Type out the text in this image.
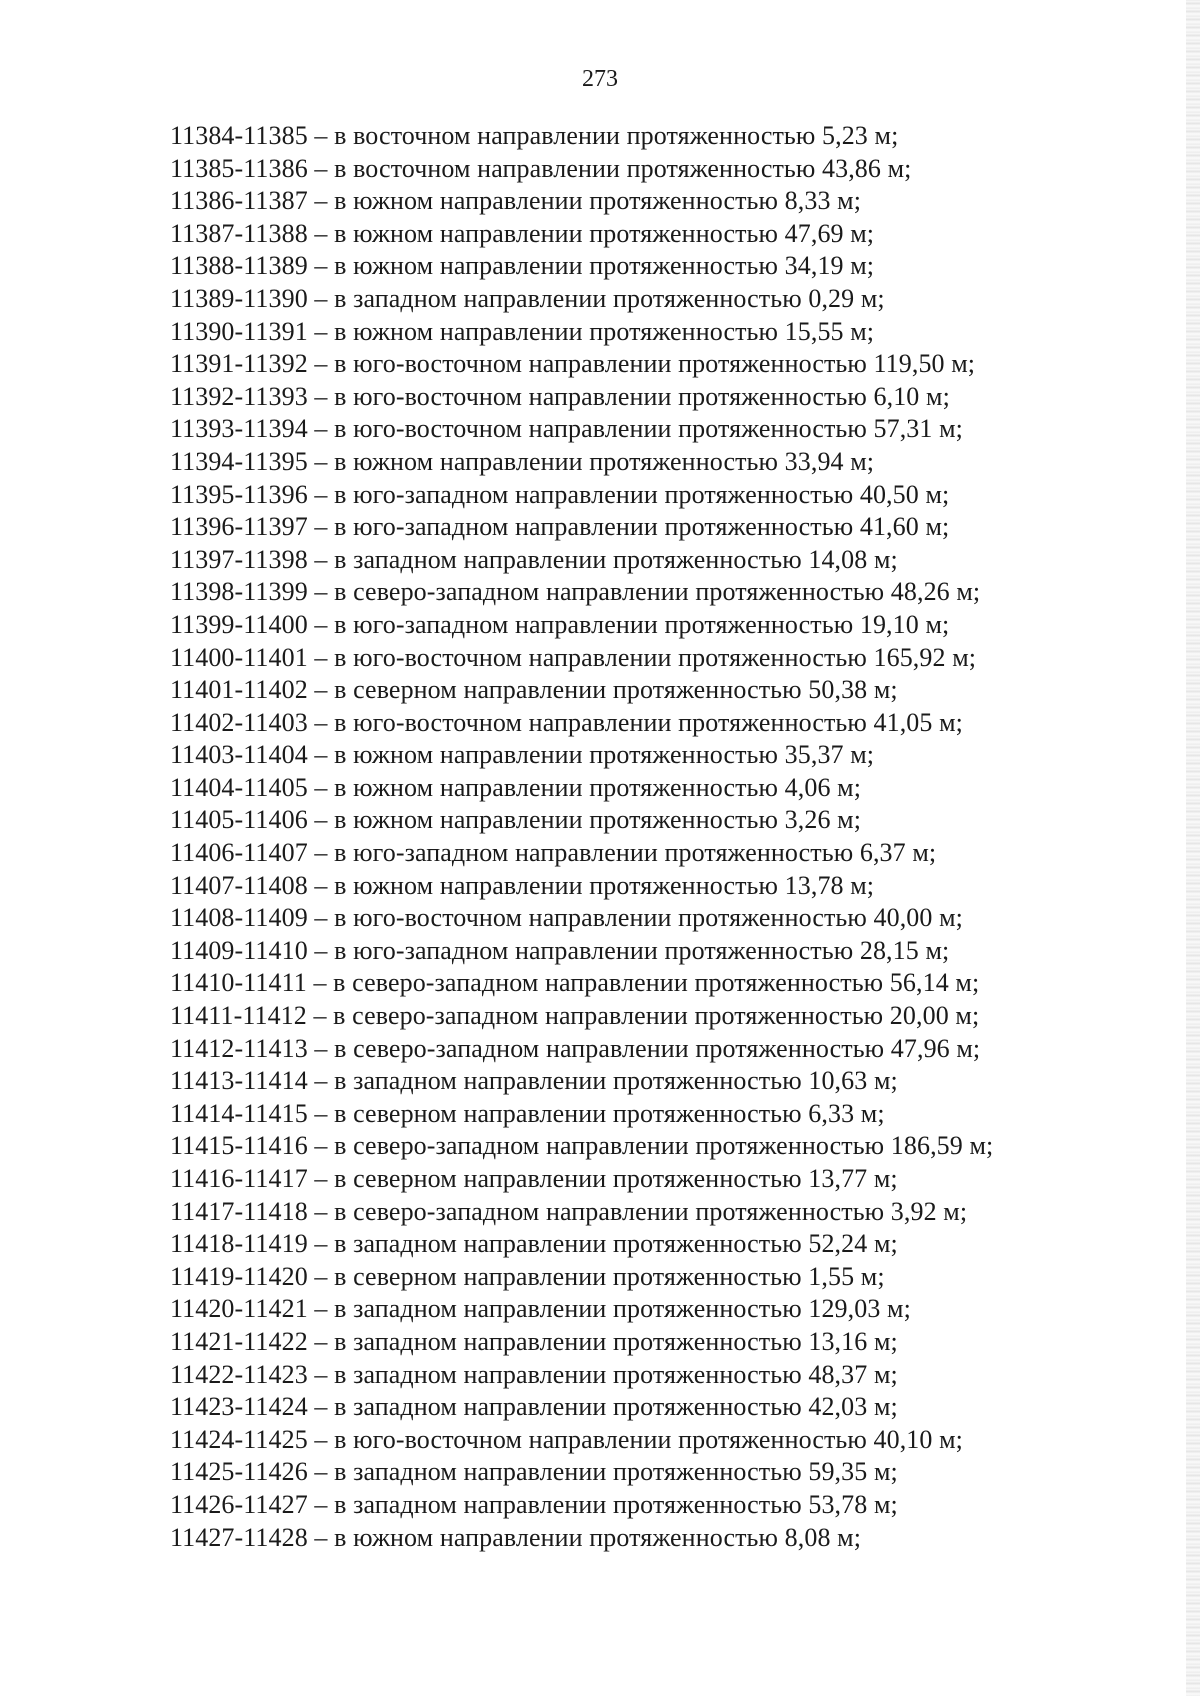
273
11384-11385 – в восточном направлении протяженностью 5,23 м;
11385-11386 – в восточном направлении протяженностью 43,86 м;
11386-11387 – в южном направлении протяженностью 8,33 м;
11387-11388 – в южном направлении протяженностью 47,69 м;
11388-11389 – в южном направлении протяженностью 34,19 м;
11389-11390 – в западном направлении протяженностью 0,29 м;
11390-11391 – в южном направлении протяженностью 15,55 м;
11391-11392 – в юго-восточном направлении протяженностью 119,50 м;
11392-11393 – в юго-восточном направлении протяженностью 6,10 м;
11393-11394 – в юго-восточном направлении протяженностью 57,31 м;
11394-11395 – в южном направлении протяженностью 33,94 м;
11395-11396 – в юго-западном направлении протяженностью 40,50 м;
11396-11397 – в юго-западном направлении протяженностью 41,60 м;
11397-11398 – в западном направлении протяженностью 14,08 м;
11398-11399 – в северо-западном направлении протяженностью 48,26 м;
11399-11400 – в юго-западном направлении протяженностью 19,10 м;
11400-11401 – в юго-восточном направлении протяженностью 165,92 м;
11401-11402 – в северном направлении протяженностью 50,38 м;
11402-11403 – в юго-восточном направлении протяженностью 41,05 м;
11403-11404 – в южном направлении протяженностью 35,37 м;
11404-11405 – в южном направлении протяженностью 4,06 м;
11405-11406 – в южном направлении протяженностью 3,26 м;
11406-11407 – в юго-западном направлении протяженностью 6,37 м;
11407-11408 – в южном направлении протяженностью 13,78 м;
11408-11409 – в юго-восточном направлении протяженностью 40,00 м;
11409-11410 – в юго-западном направлении протяженностью 28,15 м;
11410-11411 – в северо-западном направлении протяженностью 56,14 м;
11411-11412 – в северо-западном направлении протяженностью 20,00 м;
11412-11413 – в северо-западном направлении протяженностью 47,96 м;
11413-11414 – в западном направлении протяженностью 10,63 м;
11414-11415 – в северном направлении протяженностью 6,33 м;
11415-11416 – в северо-западном направлении протяженностью 186,59 м;
11416-11417 – в северном направлении протяженностью 13,77 м;
11417-11418 – в северо-западном направлении протяженностью 3,92 м;
11418-11419 – в западном направлении протяженностью 52,24 м;
11419-11420 – в северном направлении протяженностью 1,55 м;
11420-11421 – в западном направлении протяженностью 129,03 м;
11421-11422 – в западном направлении протяженностью 13,16 м;
11422-11423 – в западном направлении протяженностью 48,37 м;
11423-11424 – в западном направлении протяженностью 42,03 м;
11424-11425 – в юго-восточном направлении протяженностью 40,10 м;
11425-11426 – в западном направлении протяженностью 59,35 м;
11426-11427 – в западном направлении протяженностью 53,78 м;
11427-11428 – в южном направлении протяженностью 8,08 м;
